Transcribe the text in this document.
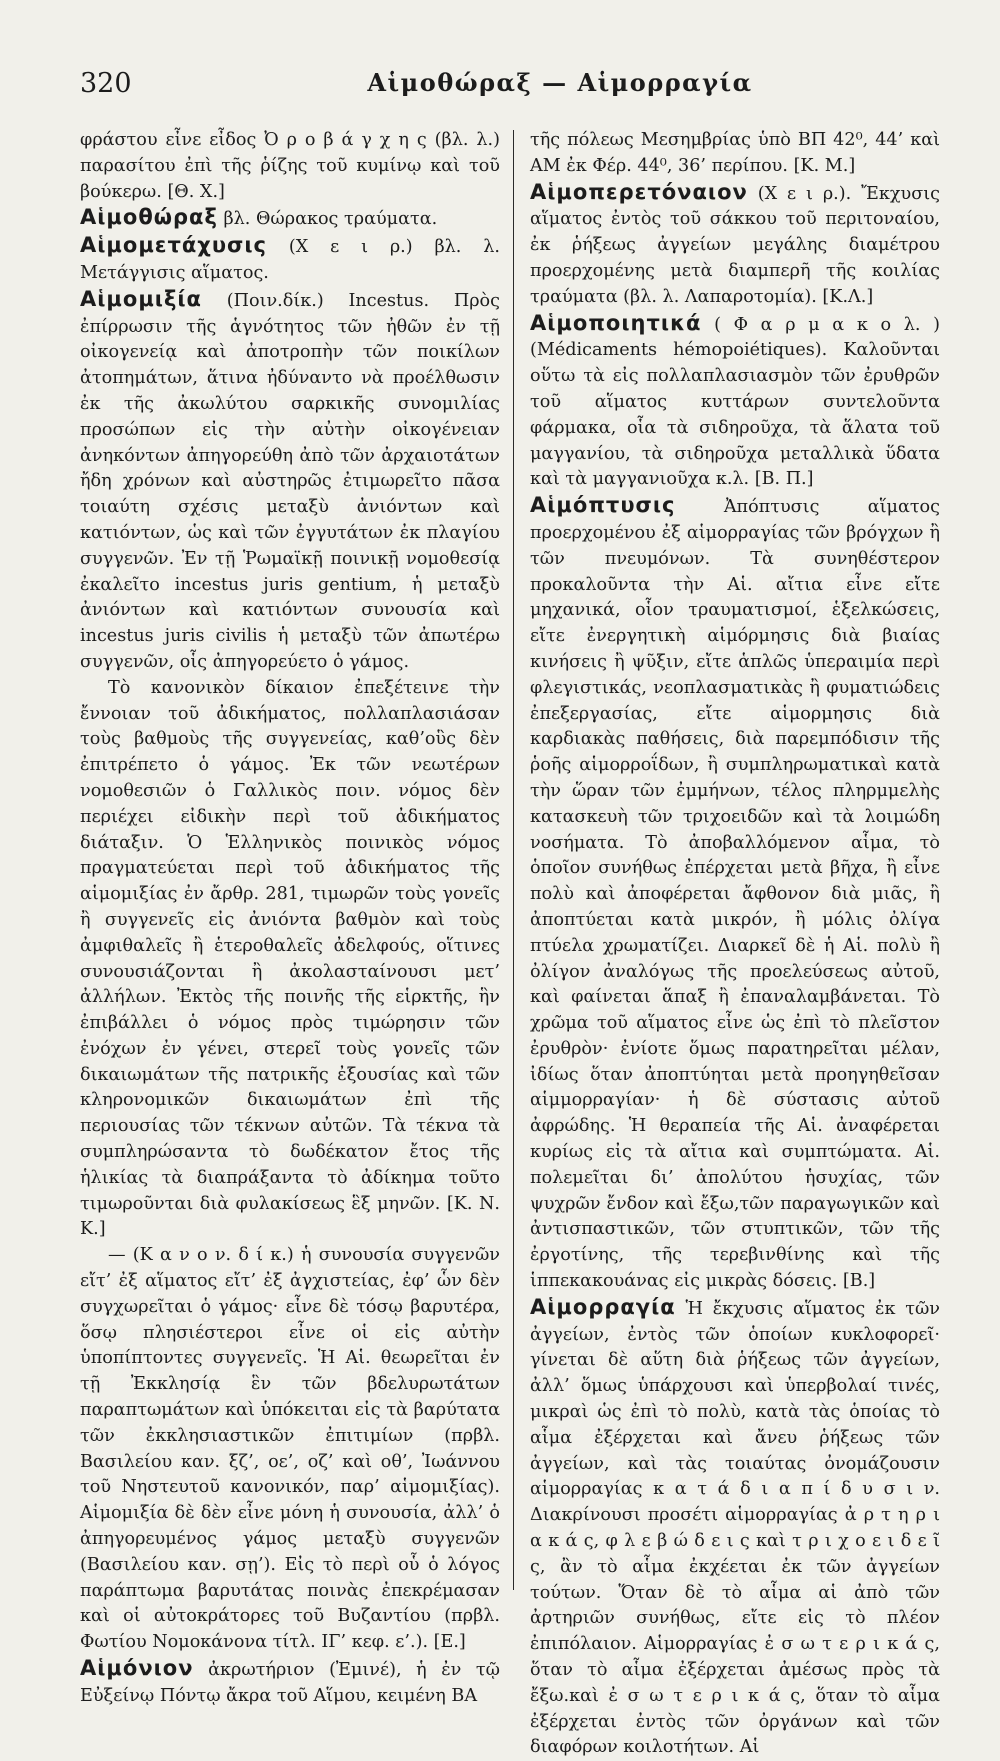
320	Αἱμοθώραξ — Αἱμορραγία

φράστου εἶνε εἶδος Ὀ ρ ο β ά γ χ η ς (βλ. λ.) παρασίτου ἐπὶ τῆς ῥίζης τοῦ κυμίνῳ καὶ τοῦ βούκερω. [Θ. Χ.]

Αἱμοθώραξ βλ. Θώρακος τραύματα.

Αἱμομετάχυσις (Χ ε ι ρ.) βλ. λ. Μετάγγισις αἵματος.

Αἱμομιξία (Ποιν.δίκ.) Incestus. Πρὸς ἐπίρρωσιν τῆς ἁγνότητος τῶν ἠθῶν ἐν τῇ οἰκογενείᾳ καὶ ἀποτροπὴν τῶν ποικίλων ἀτοπημάτων, ἅτινα ἠδύναντο νὰ προέλθωσιν ἐκ τῆς ἀκωλύτου σαρκικῆς συνομιλίας προσώπων εἰς τὴν αὐτὴν οἰκογένειαν ἀνηκόντων ἀπηγορεύθη ἀπὸ τῶν ἀρχαιοτάτων ἤδη χρόνων καὶ αὐστηρῶς ἐτιμωρεῖτο πᾶσα τοιαύτη σχέσις μεταξὺ ἀνιόντων καὶ κατιόντων, ὡς καὶ τῶν ἐγγυτάτων ἐκ πλαγίου συγγενῶν. Ἐν τῇ Ῥωμαϊκῇ ποινικῇ νομοθεσίᾳ ἐκαλεῖτο incestus juris gentium, ἡ μεταξὺ ἀνιόντων καὶ κατιόντων συνουσία καὶ incestus juris civilis ἡ μεταξὺ τῶν ἀπωτέρω συγγενῶν, οἷς ἀπηγορεύετο ὁ γάμος.

Τὸ κανονικὸν δίκαιον ἐπεξέτεινε τὴν ἔννοιαν τοῦ ἀδικήματος, πολλαπλασιάσαν τοὺς βαθμοὺς τῆς συγγενείας, καθ’οὓς δὲν ἐπιτρέπετο ὁ γάμος. Ἐκ τῶν νεωτέρων νομοθεσιῶν ὁ Γαλλικὸς ποιν. νόμος δὲν περιέχει εἰδικὴν περὶ τοῦ ἀδικήματος διάταξιν. Ὁ Ἑλληνικὸς ποινικὸς νόμος πραγματεύεται περὶ τοῦ ἀδικήματος τῆς αἱμομιξίας ἐν ἄρθρ. 281, τιμωρῶν τοὺς γονεῖς ἢ συγγενεῖς εἰς ἀνιόντα βαθμὸν καὶ τοὺς ἀμφιθαλεῖς ἢ ἑτεροθαλεῖς ἀδελφούς, οἵτινες συνουσιάζονται ἢ ἀκολασταίνουσι μετ’ ἀλλήλων. Ἐκτὸς τῆς ποινῆς τῆς εἱρκτῆς, ἣν ἐπιβάλλει ὁ νόμος πρὸς τιμώρησιν τῶν ἐνόχων ἐν γένει, στερεῖ τοὺς γονεῖς τῶν δικαιωμάτων τῆς πατρικῆς ἐξουσίας καὶ τῶν κληρονομικῶν δικαιωμάτων ἐπὶ τῆς περιουσίας τῶν τέκνων αὐτῶν. Τὰ τέκνα τὰ συμπληρώσαντα τὸ δωδέκατον ἔτος τῆς ἡλικίας τὰ διαπράξαντα τὸ ἀδίκημα τοῦτο τιμωροῦνται διὰ φυλακίσεως ἓξ μηνῶν. [Κ. Ν. Κ.]

— (Κ α ν ο ν. δ ί κ.) ἡ συνουσία συγγενῶν εἴτ’ ἐξ αἵματος εἴτ’ ἐξ ἀγχιστείας, ἐφ’ ὧν δὲν συγχωρεῖται ὁ γάμος· εἶνε δὲ τόσῳ βαρυτέρα, ὅσῳ πλησιέστεροι εἶνε οἱ εἰς αὐτὴν ὑποπίπτοντες συγγενεῖς. Ἡ Αἱ. θεωρεῖται ἐν τῇ Ἐκκλησίᾳ ἓν τῶν βδελυρωτάτων παραπτωμάτων καὶ ὑπόκειται εἰς τὰ βαρύτατα τῶν ἐκκλησιαστικῶν ἐπιτιμίων (πρβλ. Βασιλείου καν. ξζ’, οε’, οζ’ καὶ οθ’, Ἰωάννου τοῦ Νηστευτοῦ κανονικόν, παρ’ αἱμομιξίας). Αἱμομιξία δὲ δὲν εἶνε μόνη ἡ συνουσία, ἀλλ’ ὁ ἀπηγορευμένος γάμος μεταξὺ συγγενῶν (Βασιλείου καν. σῃ’). Εἰς τὸ περὶ οὗ ὁ λόγος παράπτωμα βαρυτάτας ποινὰς ἐπεκρέμασαν καὶ οἱ αὐτοκράτορες τοῦ Βυζαντίου (πρβλ. Φωτίου Νομοκάνονα τίτλ. ΙΓ’ κεφ. ε’.). [Ε.]

Αἱμόνιον ἀκρωτήριον (Ἐμινέ), ἡ ἐν τῷ Εὐξείνῳ Πόντῳ ἄκρα τοῦ Αἵμου, κειμένη ΒΑ

τῆς πόλεως Μεσημβρίας ὑπὸ ΒΠ 42⁰, 44’ καὶ ΑΜ ἐκ Φέρ. 44⁰, 36’ περίπου. [Κ. Μ.]

Αἱμοπερετόναιον (Χ ε ι ρ.). Ἔκχυσις αἵματος ἐντὸς τοῦ σάκκου τοῦ περιτοναίου, ἐκ ῥήξεως ἀγγείων μεγάλης διαμέτρου προερχομένης μετὰ διαμπερῆ τῆς κοιλίας τραύματα (βλ. λ. Λαπαροτομία). [Κ.Λ.]

Αἱμοποιητικά ( Φ α ρ μ α κ ο λ. ) (Médicaments hémopoiétiques). Καλοῦνται οὕτω τὰ εἰς πολλαπλασιασμὸν τῶν ἐρυθρῶν τοῦ αἵματος κυττάρων συντελοῦντα φάρμακα, οἷα τὰ σιδηροῦχα, τὰ ἅλατα τοῦ μαγγανίου, τὰ σιδηροῦχα μεταλλικὰ ὕδατα καὶ τὰ μαγγανιοῦχα κ.λ. [Β. Π.]

Αἱμόπτυσις	Ἀπόπτυσις αἵματος προερχομένου ἐξ αἱμορραγίας τῶν βρόγχων ἢ τῶν πνευμόνων. Τὰ συνηθέστερον προκαλοῦντα τὴν Αἱ. αἴτια εἶνε εἴτε μηχανικά, οἷον τραυματισμοί, ἑξελκώσεις, εἴτε ἐνεργητικὴ αἱμόρμησις διὰ βιαίας κινήσεις ἢ ψῦξιν, εἴτε ἁπλῶς ὑπεραιμία περὶ φλεγιστικάς, νεοπλασματικὰς ἢ φυματιώδεις ἐπεξεργασίας, εἴτε αἱμορμησις διὰ καρδιακὰς παθήσεις, διὰ παρεμπόδισιν τῆς ῥοῆς αἱμορροΐδων, ἢ συμπληρωματικαὶ κατὰ τὴν ὥραν τῶν ἐμμήνων, τέλος πληρμμελὴς κατασκευὴ τῶν τριχοειδῶν καὶ τὰ λοιμώδη νοσήματα. Τὸ ἀποβαλλόμενον αἷμα, τὸ ὁποῖον συνήθως ἐπέρχεται μετὰ βῆχα, ἢ εἶνε πολὺ καὶ ἀποφέρεται ἄφθονον διὰ μιᾶς, ἢ ἀποπτύεται κατὰ μικρόν, ἢ μόλις ὀλίγα πτύελα χρωματίζει. Διαρκεῖ δὲ ἡ Αἱ. πολὺ ἢ ὀλίγον ἀναλόγως τῆς προελεύσεως αὐτοῦ, καὶ φαίνεται ἅπαξ ἢ ἐπαναλαμβάνεται. Τὸ χρῶμα τοῦ αἵματος εἶνε ὡς ἐπὶ τὸ πλεῖστον ἐρυθρὸν· ἐνίοτε ὅμως παρατηρεῖται μέλαν, ἰδίως ὅταν ἀποπτύηται μετὰ προηγηθεῖσαν αἱμμορραγίαν· ἡ δὲ σύστασις αὐτοῦ ἀφρώδης. Ἡ θεραπεία τῆς Αἱ. ἀναφέρεται κυρίως εἰς τὰ αἴτια καὶ συμπτώματα. Αἱ. πολεμεῖται δι’ ἀπολύτου ἡσυχίας, τῶν ψυχρῶν ἔνδον καὶ ἔξω,τῶν παραγωγικῶν καὶ ἀντισπαστικῶν, τῶν στυπτικῶν, τῶν τῆς ἐργοτίνης, τῆς τερεβινθίνης καὶ τῆς ἱππεκακουάνας εἰς μικρὰς δόσεις. [Β.]

Αἱμορραγία Ἡ ἔκχυσις αἵματος ἐκ τῶν ἀγγείων, ἐντὸς τῶν ὁποίων κυκλοφορεῖ· γίνεται δὲ αὕτη διὰ ῥήξεως τῶν ἀγγείων, ἀλλ’ ὅμως ὑπάρχουσι καὶ ὑπερβολαί τινές, μικραὶ ὡς ἐπὶ τὸ πολὺ, κατὰ τὰς ὁποίας τὸ αἷμα ἐξέρχεται καὶ ἄνευ ῥήξεως τῶν ἀγγείων, καὶ τὰς τοιαύτας ὀνομάζουσιν αἱμορραγίας κ α τ ά δ ι α π ί δ υ σ ι ν. Διακρίνουσι προσέτι αἱμορραγίας ἀ ρ τ η ρ ι α κ ά ς, φ λ ε β ώ δ ε ι ς καὶ τ ρ ι χ ο ε ι δ ε ῖ ς, ἂν τὸ αἷμα ἐκχέεται ἐκ τῶν ἀγγείων τούτων. Ὅταν δὲ τὸ αἷμα αἱ ἀπὸ τῶν ἀρτηριῶν συνήθως, εἴτε εἰς τὸ πλέον ἐπιπόλαιον. Αἱμορραγίας ἐ σ ω τ ε ρ ι κ ά ς, ὅταν τὸ αἷμα ἐξέρχεται ἀμέσως πρὸς τὰ ἔξω.καὶ ἐ σ ω τ ε ρ ι κ ά ς, ὅταν τὸ αἷμα ἐξέρχεται ἐντὸς τῶν ὀργάνων καὶ τῶν διαφόρων κοιλοτήτων. Αἱ
